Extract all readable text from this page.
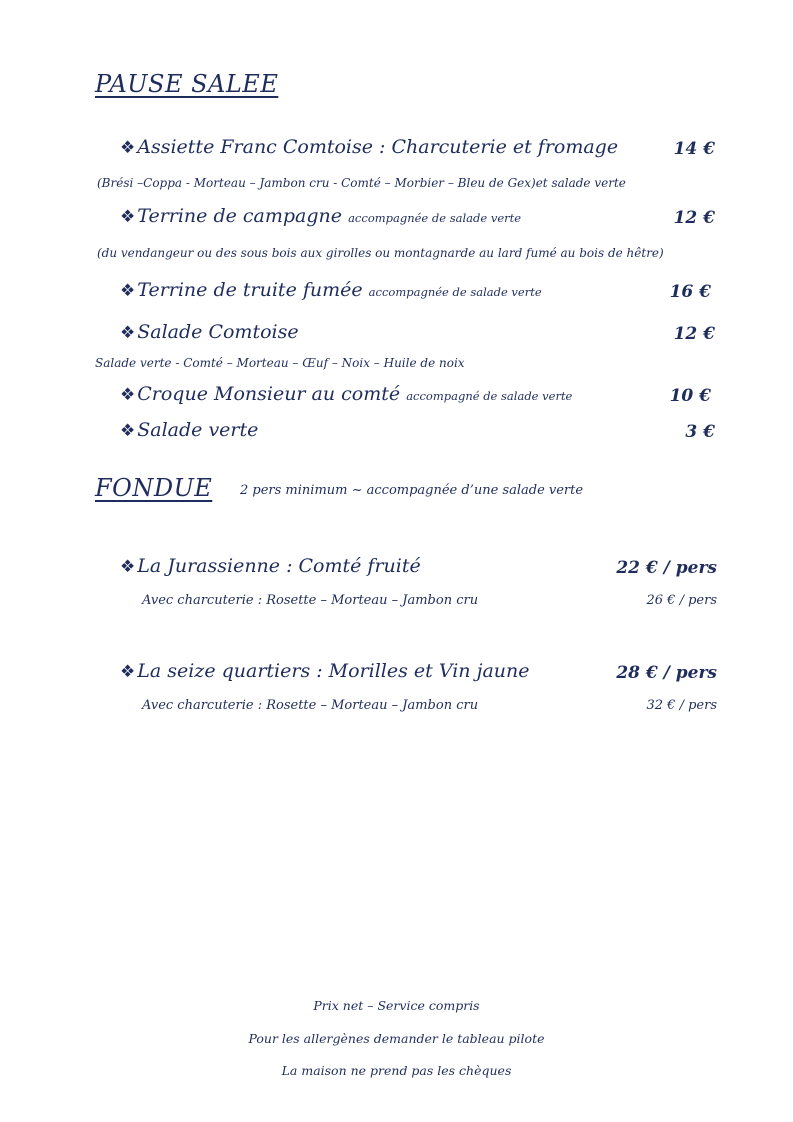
PAUSE SALEE
❖ Assiette Franc Comtoise : Charcuterie et fromage	14 €
(Brési –Coppa - Morteau – Jambon cru - Comté – Morbier – Bleu de Gex)et salade verte
❖ Terrine de campagne accompagnée de salade verte	12 €
(du vendangeur ou des sous bois aux girolles ou montagnarde au lard fumé au bois de hêtre)
❖ Terrine de truite fumée accompagnée de salade verte	16 €
❖ Salade Comtoise	12 €
Salade verte - Comté – Morteau – Œuf – Noix – Huile de noix
❖ Croque Monsieur au comté accompagné de salade verte	10 €
❖ Salade verte	3 €
FONDUE 2 pers minimum ~ accompagnée d’une salade verte
❖ La Jurassienne : Comté fruité	22 € / pers
Avec charcuterie : Rosette – Morteau – Jambon cru	26 € / pers
❖ La seize quartiers : Morilles et Vin jaune	28 € / pers
Avec charcuterie : Rosette – Morteau – Jambon cru	32 € / pers
Prix net – Service compris
Pour les allergènes demander le tableau pilote
La maison ne prend pas les chèques
